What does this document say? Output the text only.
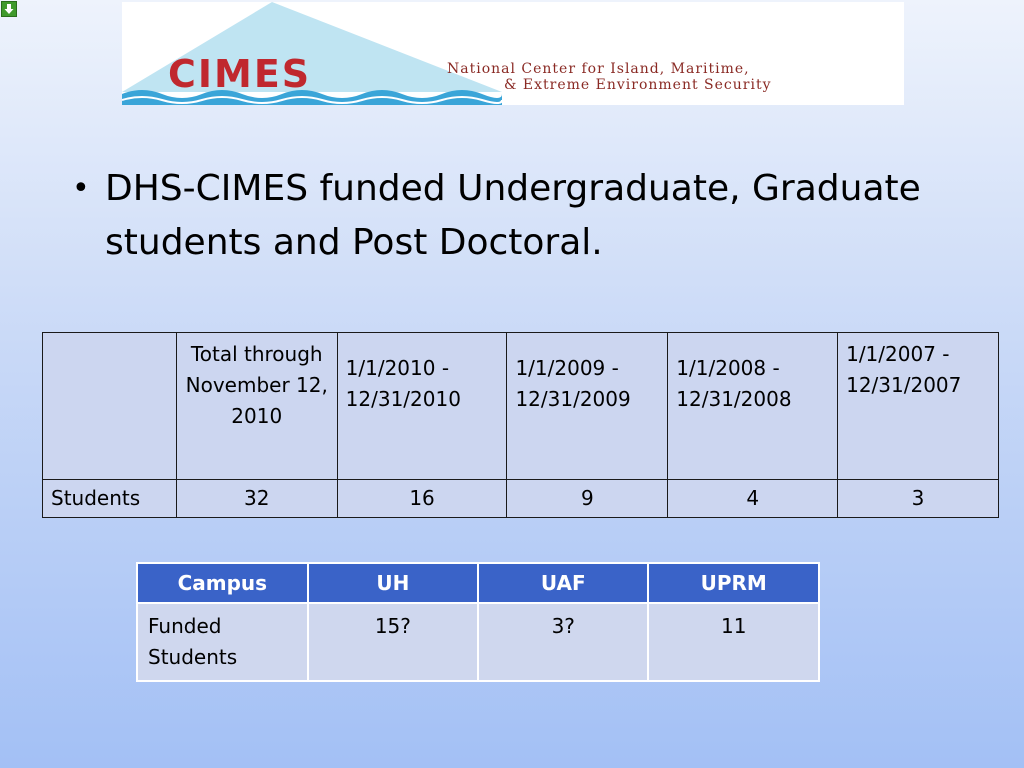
CIMES	National Center for Island, Maritime,
& Extreme Environment Security
• DHS-CIMES funded Undergraduate, Graduate students and Post Doctoral.
	Total through November 12, 2010	1/1/2010 - 12/31/2010	1/1/2009 - 12/31/2009	1/1/2008 - 12/31/2008	1/1/2007 - 12/31/2007
Students	32	16	9	4	3
Campus	UH	UAF	UPRM
Funded Students	15?	3?	11
